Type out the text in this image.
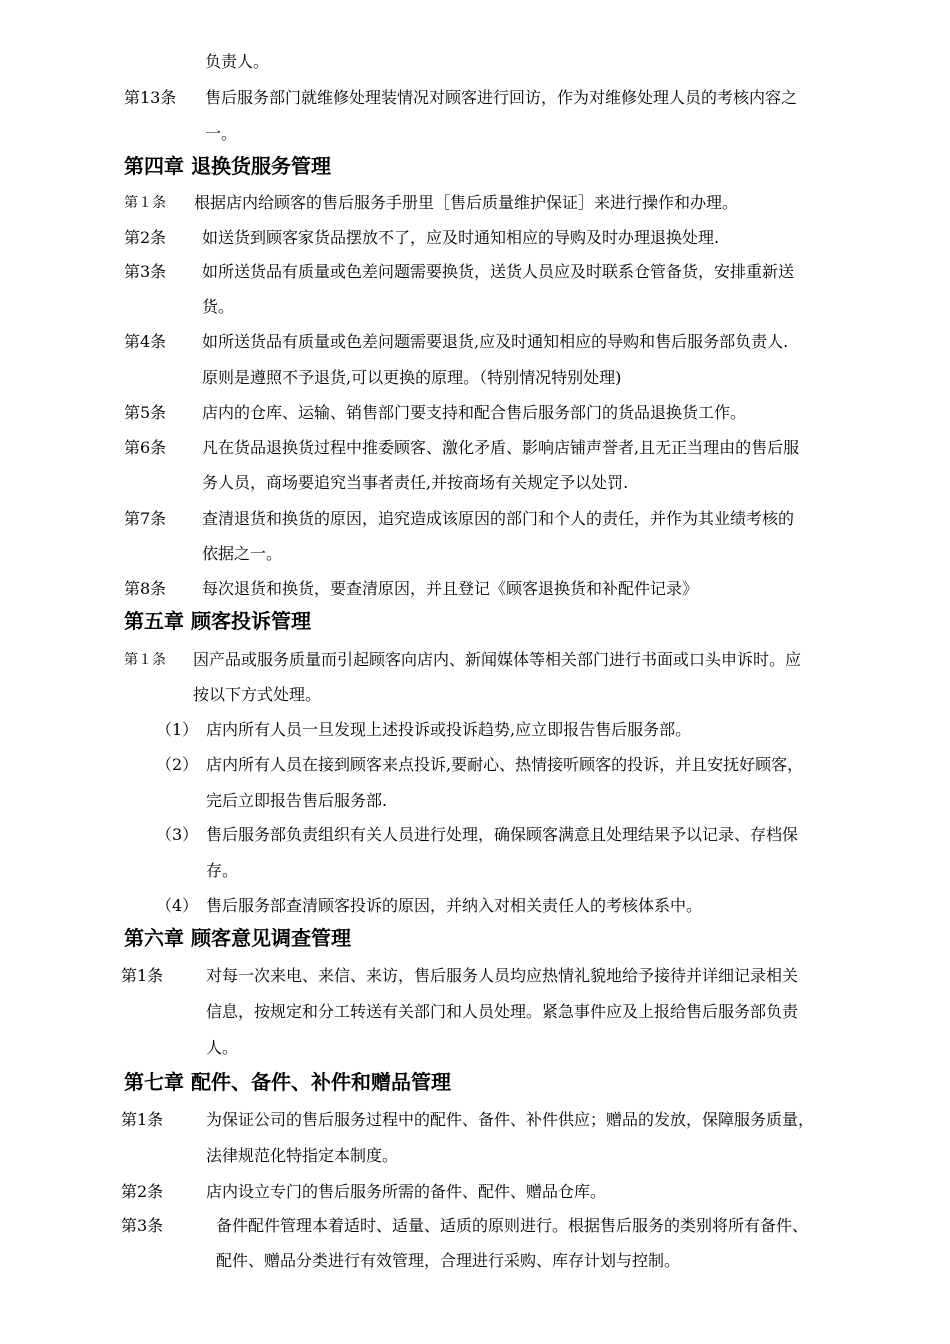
负责人。
第13条 售后服务部门就维修处理装情况对顾客进行回访，作为对维修处理人员的考核内容之
一。
第四章 退换货服务管理
第１条 根据店内给顾客的售后服务手册里［售后质量维护保证］来进行操作和办理。
第2条 如送货到顾客家货品摆放不了，应及时通知相应的导购及时办理退换处理.
第3条 如所送货品有质量或色差问题需要换货，送货人员应及时联系仓管备货，安排重新送
货。
第4条 如所送货品有质量或色差问题需要退货,应及时通知相应的导购和售后服务部负责人.
原则是遵照不予退货,可以更换的原理。（特别情况特别处理)
第5条 店内的仓库、运输、销售部门要支持和配合售后服务部门的货品退换货工作。
第6条 凡在货品退换货过程中推委顾客、激化矛盾、影响店铺声誉者,且无正当理由的售后服
务人员，商场要追究当事者责任,并按商场有关规定予以处罚.
第7条 查清退货和换货的原因，追究造成该原因的部门和个人的责任，并作为其业绩考核的
依据之一。
第8条 每次退货和换货，要查清原因，并且登记《顾客退换货和补配件记录》
第五章 顾客投诉管理
第１条 因产品或服务质量而引起顾客向店内、新闻媒体等相关部门进行书面或口头申诉时。应
按以下方式处理。
（1） 店内所有人员一旦发现上述投诉或投诉趋势,应立即报告售后服务部。
（2） 店内所有人员在接到顾客来点投诉,要耐心、热情接听顾客的投诉，并且安抚好顾客，
完后立即报告售后服务部.
（3） 售后服务部负责组织有关人员进行处理，确保顾客满意且处理结果予以记录、存档保
存。
（4） 售后服务部查清顾客投诉的原因，并纳入对相关责任人的考核体系中。
第六章 顾客意见调查管理
第1条	对每一次来电、来信、来访，售后服务人员均应热情礼貌地给予接待并详细记录相关
信息，按规定和分工转送有关部门和人员处理。紧急事件应及上报给售后服务部负责
人。
第七章 配件、备件、补件和赠品管理
第1条	为保证公司的售后服务过程中的配件、备件、补件供应；赠品的发放，保障服务质量，
法律规范化特指定本制度。
第2条	店内设立专门的售后服务所需的备件、配件、赠品仓库。
第3条	备件配件管理本着适时、适量、适质的原则进行。根据售后服务的类别将所有备件、
配件、赠品分类进行有效管理，合理进行采购、库存计划与控制。
